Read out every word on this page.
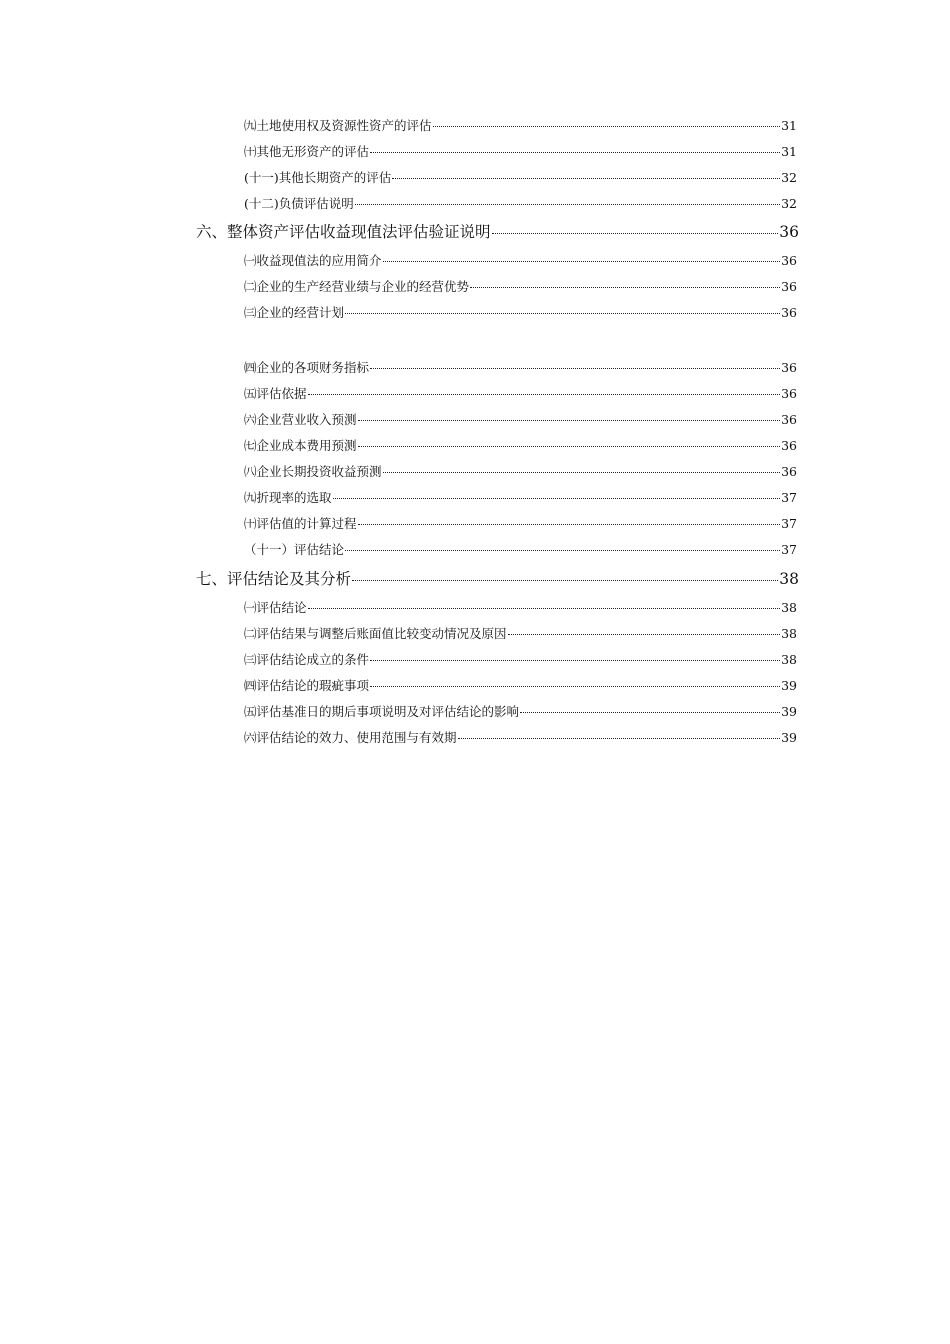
㈨土地使用权及资源性资产的评估	31
㈩其他无形资产的评估	31
(十一)其他长期资产的评估	32
(十二)负债评估说明	32
六、整体资产评估收益现值法评估验证说明	36
㈠收益现值法的应用简介	36
㈡企业的生产经营业绩与企业的经营优势	36
㈢企业的经营计划	36
㈣企业的各项财务指标	36
㈤评估依据	36
㈥企业营业收入预测	36
㈦企业成本费用预测	36
㈧企业长期投资收益预测	36
㈨折现率的选取	37
㈩评估值的计算过程	37
（十一）评估结论	37
七、评估结论及其分析	38
㈠评估结论	38
㈡评估结果与调整后账面值比较变动情况及原因	38
㈢评估结论成立的条件	38
㈣评估结论的瑕疵事项	39
㈤评估基准日的期后事项说明及对评估结论的影响	39
㈥评估结论的效力、使用范围与有效期	39
